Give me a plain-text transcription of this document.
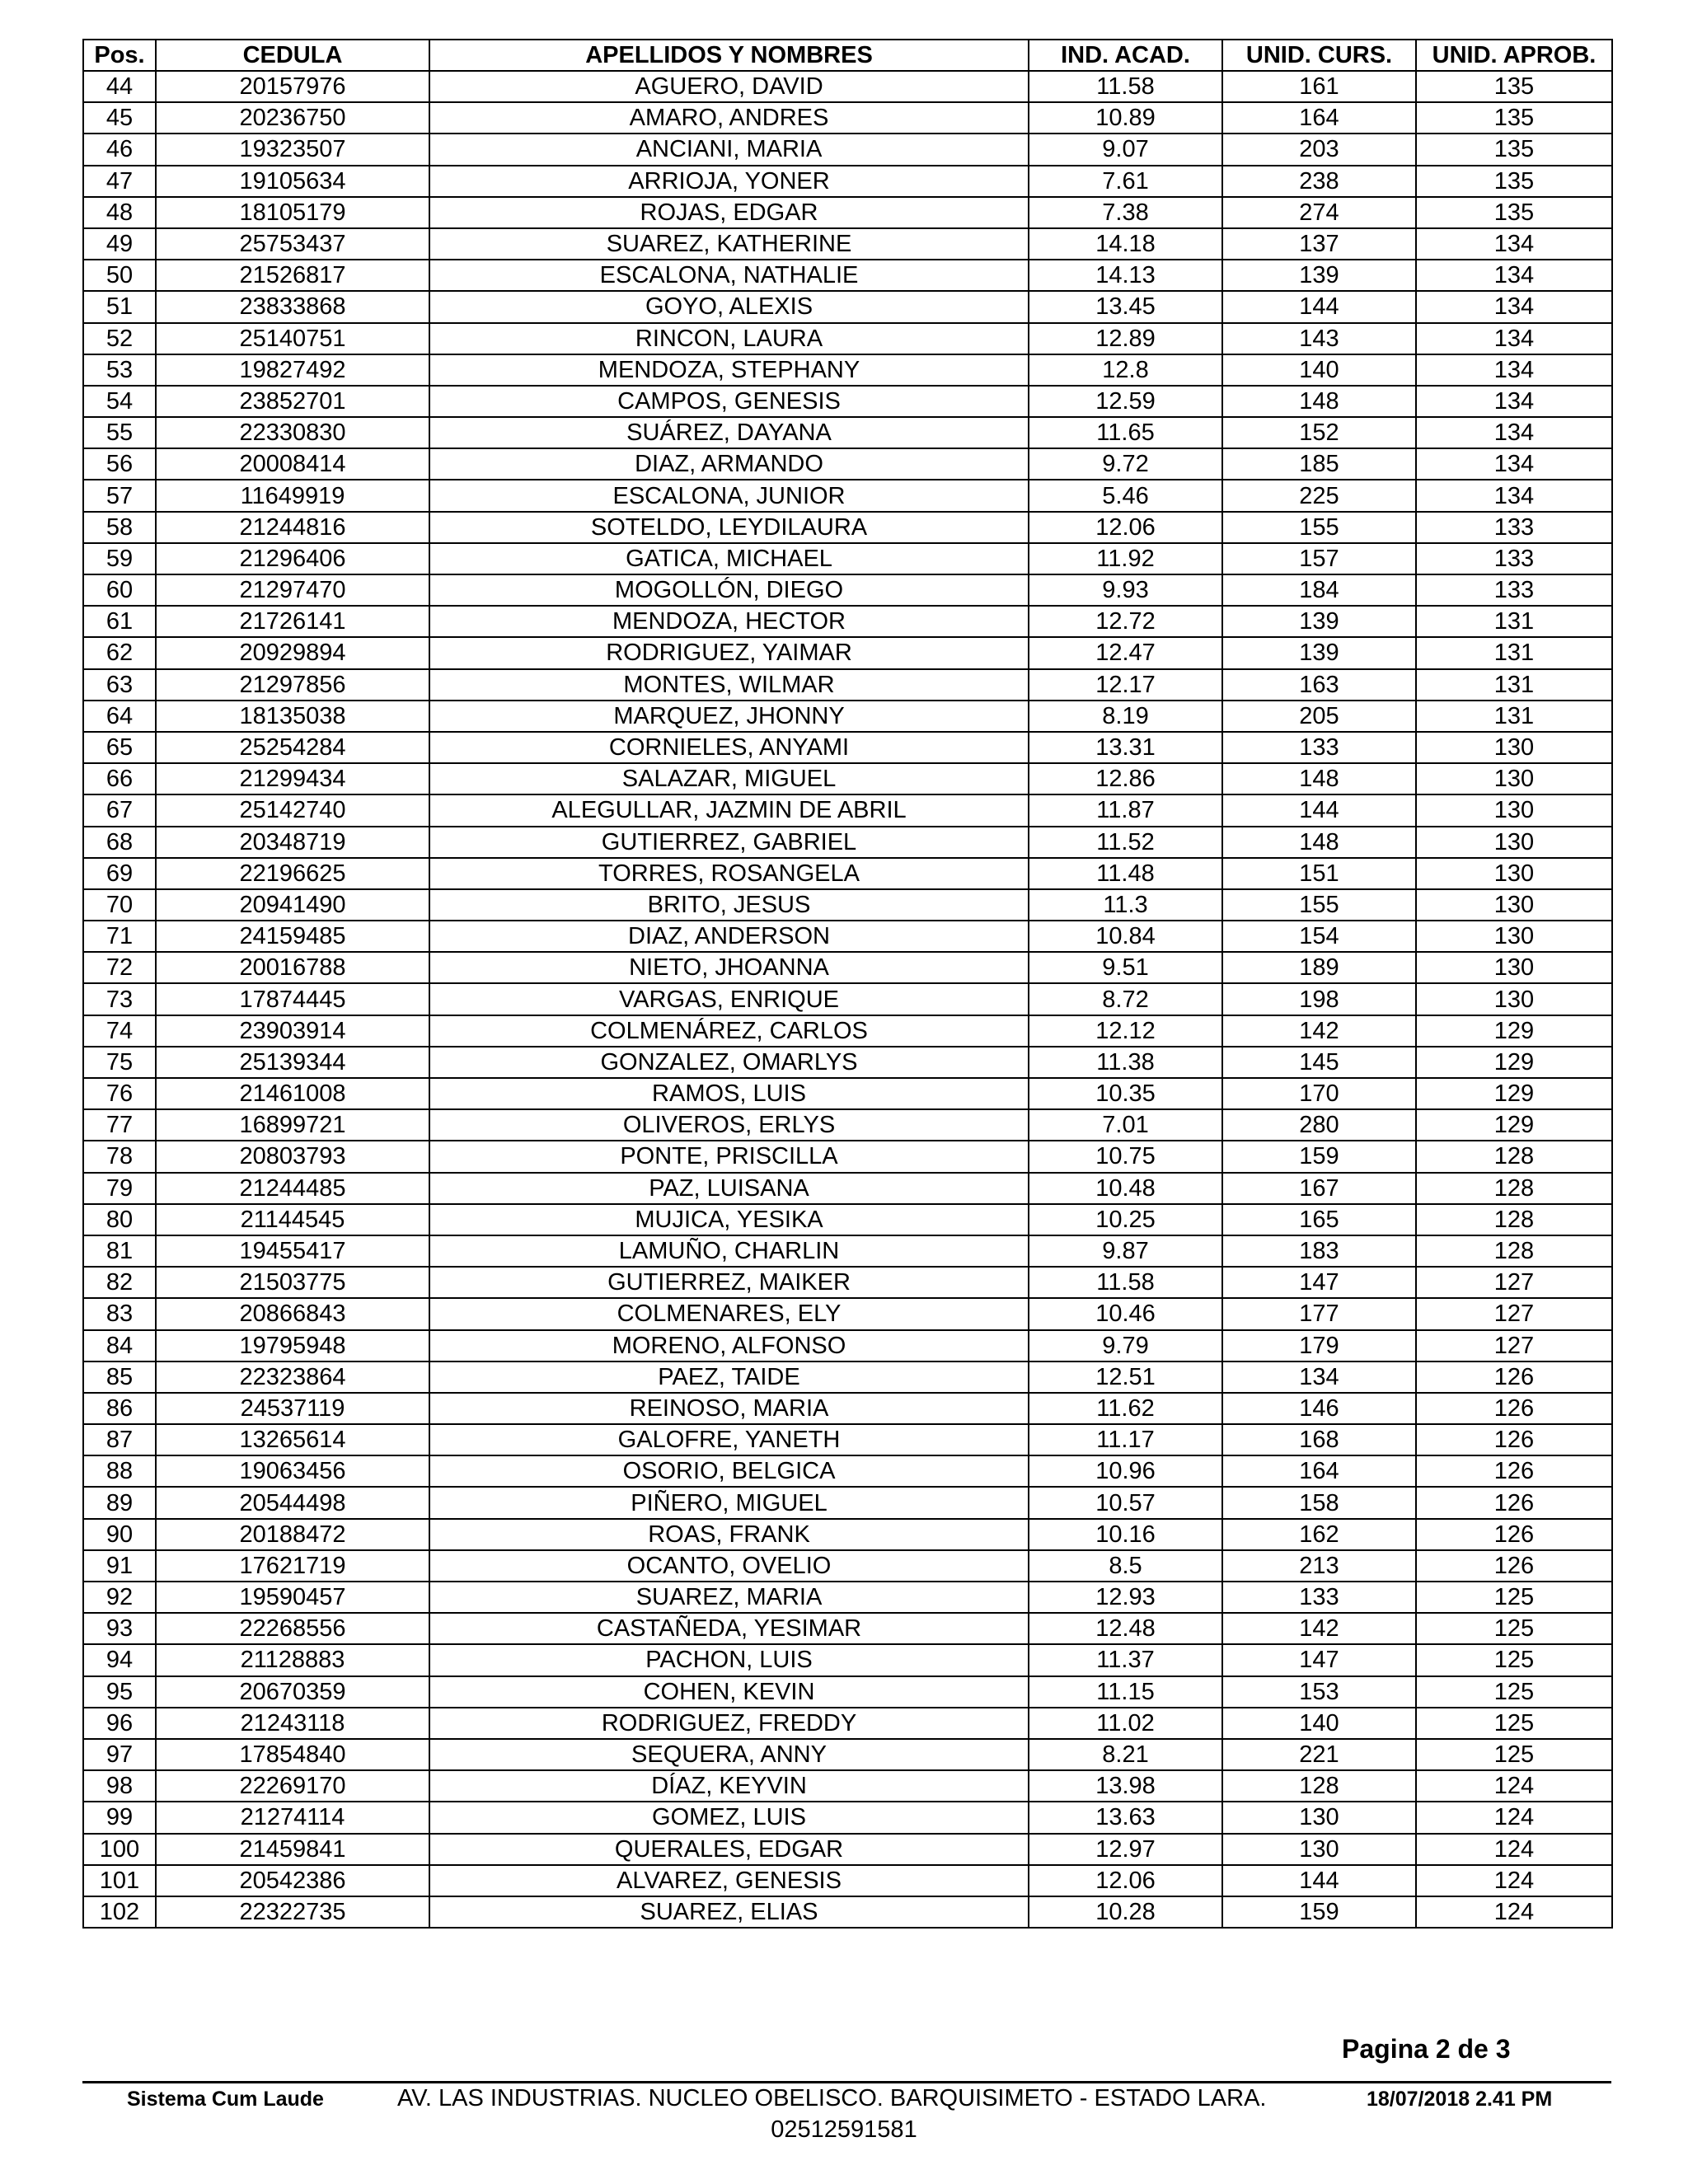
Pos.	CEDULA	APELLIDOS Y NOMBRES	IND. ACAD.	UNID. CURS.	UNID. APROB.
44	20157976	AGUERO, DAVID	11.58	161	135
45	20236750	AMARO, ANDRES	10.89	164	135
46	19323507	ANCIANI, MARIA	9.07	203	135
47	19105634	ARRIOJA, YONER	7.61	238	135
48	18105179	ROJAS, EDGAR	7.38	274	135
49	25753437	SUAREZ, KATHERINE	14.18	137	134
50	21526817	ESCALONA, NATHALIE	14.13	139	134
51	23833868	GOYO, ALEXIS	13.45	144	134
52	25140751	RINCON, LAURA	12.89	143	134
53	19827492	MENDOZA, STEPHANY	12.8	140	134
54	23852701	CAMPOS, GENESIS	12.59	148	134
55	22330830	SUÁREZ, DAYANA	11.65	152	134
56	20008414	DIAZ, ARMANDO	9.72	185	134
57	11649919	ESCALONA, JUNIOR	5.46	225	134
58	21244816	SOTELDO, LEYDILAURA	12.06	155	133
59	21296406	GATICA, MICHAEL	11.92	157	133
60	21297470	MOGOLLÓN, DIEGO	9.93	184	133
61	21726141	MENDOZA, HECTOR	12.72	139	131
62	20929894	RODRIGUEZ, YAIMAR	12.47	139	131
63	21297856	MONTES, WILMAR	12.17	163	131
64	18135038	MARQUEZ, JHONNY	8.19	205	131
65	25254284	CORNIELES, ANYAMI	13.31	133	130
66	21299434	SALAZAR, MIGUEL	12.86	148	130
67	25142740	ALEGULLAR, JAZMIN DE ABRIL	11.87	144	130
68	20348719	GUTIERREZ, GABRIEL	11.52	148	130
69	22196625	TORRES, ROSANGELA	11.48	151	130
70	20941490	BRITO, JESUS	11.3	155	130
71	24159485	DIAZ, ANDERSON	10.84	154	130
72	20016788	NIETO, JHOANNA	9.51	189	130
73	17874445	VARGAS, ENRIQUE	8.72	198	130
74	23903914	COLMENÁREZ, CARLOS	12.12	142	129
75	25139344	GONZALEZ, OMARLYS	11.38	145	129
76	21461008	RAMOS, LUIS	10.35	170	129
77	16899721	OLIVEROS, ERLYS	7.01	280	129
78	20803793	PONTE, PRISCILLA	10.75	159	128
79	21244485	PAZ, LUISANA	10.48	167	128
80	21144545	MUJICA, YESIKA	10.25	165	128
81	19455417	LAMUÑO, CHARLIN	9.87	183	128
82	21503775	GUTIERREZ, MAIKER	11.58	147	127
83	20866843	COLMENARES, ELY	10.46	177	127
84	19795948	MORENO, ALFONSO	9.79	179	127
85	22323864	PAEZ, TAIDE	12.51	134	126
86	24537119	REINOSO, MARIA	11.62	146	126
87	13265614	GALOFRE, YANETH	11.17	168	126
88	19063456	OSORIO, BELGICA	10.96	164	126
89	20544498	PIÑERO, MIGUEL	10.57	158	126
90	20188472	ROAS, FRANK	10.16	162	126
91	17621719	OCANTO, OVELIO	8.5	213	126
92	19590457	SUAREZ, MARIA	12.93	133	125
93	22268556	CASTAÑEDA, YESIMAR	12.48	142	125
94	21128883	PACHON, LUIS	11.37	147	125
95	20670359	COHEN, KEVIN	11.15	153	125
96	21243118	RODRIGUEZ, FREDDY	11.02	140	125
97	17854840	SEQUERA, ANNY	8.21	221	125
98	22269170	DÍAZ, KEYVIN	13.98	128	124
99	21274114	GOMEZ, LUIS	13.63	130	124
100	21459841	QUERALES, EDGAR	12.97	130	124
101	20542386	ALVAREZ, GENESIS	12.06	144	124
102	22322735	SUAREZ, ELIAS	10.28	159	124
Pagina 2 de 3
Sistema Cum Laude	AV. LAS INDUSTRIAS. NUCLEO OBELISCO. BARQUISIMETO - ESTADO LARA.	18/07/2018 2.41 PM
02512591581
